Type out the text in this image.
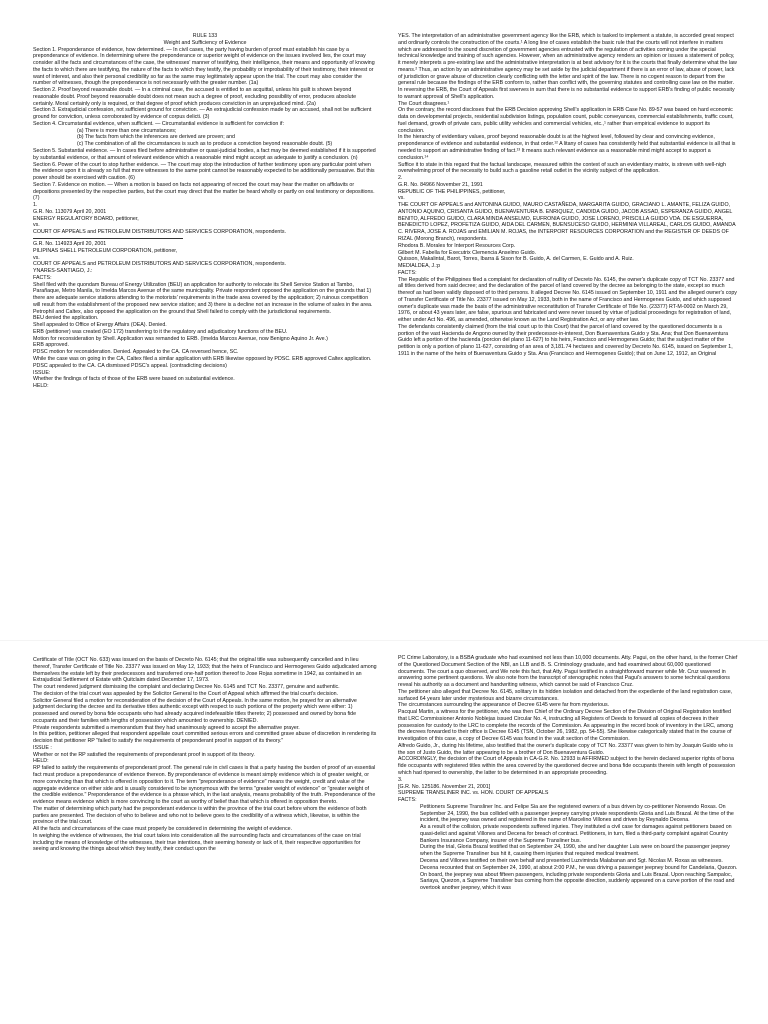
RULE 133

Weight and Sufficiency of Evidence

Section 1. Preponderance of evidence, how determined. — In civil cases, the party having burden of proof must establish his case by a preponderance of evidence. In determining where the preponderance or superior weight of evidence on the issues involved lies, the court may consider all the facts and circumstances of the case, the witnesses' manner of testifying, their intelligence, their means and opportunity of knowing the facts to which there are testifying, the nature of the facts to which they testify, the probability or improbability of their testimony, their interest or want of interest, and also their personal credibility so far as the same may legitimately appear upon the trial. The court may also consider the number of witnesses, though the preponderance is not necessarily with the greater number. (1a)

Section 2. Proof beyond reasonable doubt. — In a criminal case, the accused is entitled to an acquittal, unless his guilt is shown beyond reasonable doubt. Proof beyond reasonable doubt does not mean such a degree of proof, excluding possibility of error, produces absolute certainly. Moral certainly only is required, or that degree of proof which produces conviction in an unprejudiced mind. (2a)

Section 3. Extrajudicial confession, not sufficient ground for conviction. — An extrajudicial confession made by an accused, shall not be sufficient ground for conviction, unless corroborated by evidence of corpus delicti. (3)

Section 4. Circumstantial evidence, when sufficient. — Circumstantial evidence is sufficient for conviction if:

(a) There is more than one circumstances;

(b) The facts from which the inferences are derived are proven; and

(c) The combination of all the circumstances is such as to produce a conviction beyond reasonable doubt. (5)

Section 5. Substantial evidence. — In cases filed before administrative or quasi-judicial bodies, a fact may be deemed established if it is supported by substantial evidence, or that amount of relevant evidence which a reasonable mind might accept as adequate to justify a conclusion. (n)

Section 6. Power of the court to stop further evidence. — The court may stop the introduction of further testimony upon any particular point when the evidence upon it is already so full that more witnesses to the same point cannot be reasonably expected to be additionally persuasive. But this power should be exercised with caution. (6)

Section 7. Evidence on motion. — When a motion is based on facts not appearing of record the court may hear the matter on affidavits or depositions presented by the respective parties, but the court may direct that the matter be heard wholly or partly on oral testimony or depositions. (7)

1.

G.R. No. 113079 April 20, 2001

ENERGY REGULATORY BOARD, petitioner,

vs.

COURT OF APPEALS and PETROLEUM DISTRIBUTORS AND SERVICES CORPORATION, respondents.

G.R. No. 114923 April 20, 2001

PILIPINAS SHELL PETROLEUM CORPORATION, petitioner,

vs.

COURT OF APPEALS and PETROLEUM DISTRIBUTORS AND SERVICES CORPORATION, respondents.

YNARES-SANTIAGO, J.:

FACTS:

Shell filed with the quondam Bureau of Energy Utilization (BEU) an application for authority to relocate its Shell Service Station at Tambo, Parañaque, Metro Manila, to Imelda Marcos Avenue of the same municipality. Private respondent opposed the application on the grounds that 1) there are adequate service stations attending to the motorists' requirements in the trade area covered by the application; 2) ruinous competition will result from the establishment of the proposed new service station; and 3) there is a decline not an increase in the volume of sales in the area. Petrophil and Caltex, also opposed the application on the ground that Shell failed to comply with the jurisdictional requirements.

BEU denied the application.

Shell appealed to Office of Energy Affairs (OEA). Denied.

ERB (petitioner) was created (EO 172) transferring to it the regulatory and adjudicatory functions of the BEU.

Motion for reconsideration by Shell. Application was remanded to ERB. (Imelda Marcos Avenue, now Benigno Aquino Jr. Ave.)

ERB approved.

PDSC motion for reconsideration. Denied. Appealed to the CA. CA reversed hence, SC.

While the case was on going in the CA, Caltex filed a similar application with ERB likewise opposed by PDSC. ERB approved Caltex application. PDSC appealed to the CA. CA dismissed PDSC's appeal. (contradicting decisions)

ISSUE:

Whether the findings of facts of those of the ERB were based on substantial evidence.

HELD:

YES. The interpretation of an administrative government agency like the ERB, which is tasked to implement a statute, is accorded great respect and ordinarily controls the construction of the courts.¹ A long line of cases establish the basic rule that the courts will not interfere in matters which are addressed to the sound discretion of government agencies entrusted with the regulation of activities coming under the special technical knowledge and training of such agencies. However, when an administrative agency renders an opinion or issues a statement of policy, it merely interprets a pre-existing law and the administrative interpretation is at best advisory for it is the courts that finally determine what the law means.² Thus, an action by an administrative agency may be set aside by the judicial department if there is an error of law, abuse of power, lack of jurisdiction or grave abuse of discretion clearly conflicting with the letter and spirit of the law. There is no cogent reason to depart from the general rule because the findings of the ERB conform to, rather than conflict with, the governing statutes and controlling case law on the matter.

In reversing the ERB, the Court of Appeals first swerves in sum that there is no substantial evidence to support ERB's finding of public necessity to warrant approval of Shell's application.

The Court disagrees.¹

On the contrary, the record discloses that the ERB Decision approving Shell's application in ERB Case No. 89-57 was based on hard economic data on developmental projects, residential subdivision listings, population count, public conveyances, commercial establishments, traffic count, fuel demand, growth of private cars, public utility vehicles and commercial vehicles, etc.,¹ rather than empirical evidence to support its conclusion.

In the hierarchy of evidentiary values, proof beyond reasonable doubt is at the highest level, followed by clear and convincing evidence, preponderance of evidence and substantial evidence, in that order.¹² A litany of cases has consistently held that substantial evidence is all that is needed to support an administrative finding of fact.¹³ It means such relevant evidence as a reasonable mind might accept to support a conclusion.¹⁴

Suffice it to state in this regard that the factual landscape, measured within the context of such an evidentiary matrix, is strewn with well-nigh overwhelming proof of the necessity to build such a gasoline retail outlet in the vicinity subject of the application.

2.

G.R. No. 84966 November 21, 1991

REPUBLIC OF THE PHILIPPINES, petitioner,

vs.

THE COURT OF APPEALS and ANTONINA GUIDO, MAURO CASTAÑEDA, MARGARITA GUIDO, GRACIANO L. AMANTE, FELIZA GUIDO, ANTONIO AQUINO, CRISANTA GUIDO, BUENAVENTURA B. ENRIQUEZ, CANDIDA GUIDO, JACOB ASSAD, ESPERANZA GUIDO, ANGEL BENITO, ALFREDO GUIDO, CLARA MINDA ANSELMO, EUFRONIA GUIDO, JOSE LORENO, PRISCILLA GUIDO VDA. DE ESGUERRA, BENEDICTO LOPEZ, PROFETIZA GUIDO, AIDA DEL CARMEN, BUENSUCESO GUIDO, HERMINIA VILLAREAL, CARLOS GUIDO, AMANDA C. RIVERA, JOSE A. ROJAS and EMILIAN M. ROJAS, the INTERPORT RESOURCES CORPORATION and the REGISTER OF DEEDS OF RIZAL (Morong Branch), respondents.

Rhodora B. Morales for Interport Resources Corp.

Gilbert M. Fabella for Executrix Clemencia Anselmo Guido.

Quisson, Makalintal, Barot, Torres, Ibarra & Sison for B. Guido, A. del Carmen, E. Guido and A. Ruiz.

MEDIALDEA, J.:p

FACTS:

The Republic of the Philippines filed a complaint for declaration of nullity of Decreto No. 6145, the owner's duplicate copy of TCT No. 23377 and all titles derived from said decree; and the declaration of the parcel of land covered by the decree as belonging to the state, except so much thereof as had been validly disposed of to third persons. It alleged Decree No. 6145 issued on September 10, 1911 and the alleged owner's copy of Transfer Certificate of Title No. 23377 issued on May 12, 1933, both in the name of Francisco and Hermogenes Guido, and which supposed owner's duplicate was made the basis of the administrative reconstitution of Transfer Certificate of Title No. (23377) RT-M-0002 on March 29, 1976, or about 43 years later, are false, spurious and fabricated and were never issued by virtue of judicial proceedings for registration of land, either under Act No. 496, as amended, otherwise known as the Land Registration Act, or any other law.

The defendants consistently claimed (from the trial court up to this Court) that the parcel of land covered by the questioned documents is a portion of the vast Hacienda de Angono owned by their predecessor-in-interest, Don Buenaventura Guido y Sta. Ana; that Don Buenaventura Guido left a portion of the hacienda (porcion del plano 11-627) to his heirs, Francisco and Hermogenes Guido; that the subject matter of the petition is only a portion of plano 11-627, consisting of an area of 3,181.74 hectares and covered by Decreto No. 6145, issued on September 1, 1911 in the name of the heirs of Buenaventura Guido y Sta. Ana (Francisco and Hermogenes Guido); that on June 12, 1912, an Original

Certificate of Title (OCT No. 633) was issued on the basis of Decreto No. 6145; that the original title was subsequently cancelled and in lieu thereof, Transfer Certificate of Title No. 23377 was issued on May 12, 1933; that the heirs of Francisco and Hermogenes Guido adjudicated among themselves the estate left by their predecessors and transferred one-half portion thereof to Jose Rojas sometime in 1942, as contained in an Extrajudicial Settlement of Estate with Quitclaim dated December 17, 1973.

The court rendered judgment dismissing the complaint and declaring Decree No. 6145 and TCT No. 23377, genuine and authentic.

The decision of the trial court was appealed by the Solicitor General to the Court of Appeal which affirmed the trial court's decision.

Solicitor General filed a motion for reconsideration of the decision of the Court of Appeals. In the same motion, he prayed for an alternative judgment declaring the decree and its derivative titles authentic except with respect to such portions of the property which were either: 1) possessed and owned by bona fide occupants who had already acquired indefeasible titles thereto; 2) possessed and owned by bona fide occupants and their families with lengths of possession which amounted to ownership. DENIED.

Private respondents submitted a memorandum that they had unanimously agreed to accept the alternative prayer.

In this petition, petitioner alleged that respondent appellate court committed serious errors and committed grave abuse of discretion in rendering its decision that petitioner RP "failed to satisfy the requirements of preponderant proof in support of its theory."

ISSUE :

Whether or not the RP satisfied the requirements of preponderant proof in support of its theory.

HELD:

RP failed to satisfy the requirements of preponderant proof. The general rule in civil cases is that a party having the burden of proof of an essential fact must produce a preponderance of evidence thereon. By preponderance of evidence is meant simply evidence which is of greater weight, or more convincing than that which is offered in opposition to it. The term "preponderance of evidence" means the weight, credit and value of the aggregate evidence on either side and is usually considered to be synonymous with the terms "greater weight of evidence" or "greater weight of the credible evidence." Preponderance of the evidence is a phrase which, in the last analysis, means probability of the truth. Preponderance of the evidence means evidence which is more convincing to the court as worthy of belief than that which is offered in opposition thereto.

The matter of determining which party had the preponderant evidence is within the province of the trial court before whom the evidence of both parties are presented. The decision of who to believe and who not to believe goes to the credibility of a witness which, likewise, is within the province of the trial court.

All the facts and circumstances of the case must properly be considered in determining the weight of evidence.

In weighing the evidence of witnesses, the trial court takes into consideration all the surrounding facts and circumstances of the case on trial including the means of knowledge of the witnesses, their true intentions, their seeming honesty or lack of it, their respective opportunities for seeing and knowing the things about which they testify, their conduct upon the

PC Crime Laboratory, is a BSBA graduate who had examined not less than 10,000 documents. Atty. Pagui, on the other hand, is the former Chief of the Questioned Document Section of the NBI, an LLB and B. S. Criminology graduate, and had examined about 60,000 questioned documents. The court a quo observed, and We note this fact, that Atty. Pagui testified in a straightforward manner while Mr. Cruz wavered in answering some pertinent questions. We also note from the transcript of stenographic notes that Pagui's answers to some technical questions reveal his authority as a document and handwriting witness, which cannot be said of Francisco Cruz.

The petitioner also alleged that Decree No. 6145, solitary in its hidden isolation and detached from the expediente of the land registration case, surfaced 64 years later under mysterious and bizarre circumstances.

The circumstances surrounding the appearance of Decree 6145 were far from mysterious.

Pacqual Martin, a witness for the petitioner, who was then Chief of the Ordinary Decree Section of the Division of Original Registration testified that LRC Commissioner Antonio Noblejas issued Circular No. 4, instructing all Registers of Deeds to forward all copies of decrees in their possession for custody to the LRC to complete the records of the Commission. As appearing in the record book of inventory in the LRC, among the decrees forwarded to their office is Decree 6145 (TSN, October 26, 1982, pp. 54-55). She likewise categorically stated that in the course of investigation of this case, a copy of Decree 6145 was found in the vault section of the Commission.

Alfredo Guido, Jr., during his lifetime, also testified that the owner's duplicate copy of TCT No. 23377 was given to him by Joaquin Guido who is the son of Justo Guido, the latter appearing to be a brother of Don Buenaventura Guido.

ACCORDINGLY, the decision of the Court of Appeals in CA-G.R. No. 12933 is AFFIRMED subject to the herein declared superior rights of bona fide occupants with registered titles within the area covered by the questioned decree and bona fide occupants therein with length of possession which had ripened to ownership, the latter to be determined in an appropriate proceeding.

3.

[G.R. No. 125186. November 21, 2001]

SUPREME TRANSLINER INC. vs. HON. COURT OF APPEALS

FACTS:

Petitioners Supreme Transliner Inc. and Felipe Sia are the registered owners of a bus driven by co-petitioner Nonvendo Roxas. On September 24, 1990, the bus collided with a passenger jeepney carrying private respondents Gloria and Luis Brazal. At the time of the incident, the jeepney was owned and registered in the name of Marcelino Villones and driven by Reynaldo Decena.

As a result of the collision, private respondents suffered injuries. They instituted a civil case for damages against petitioners based on quasi-delict and against Villones and Decena for breach of contract. Petitioners, in turn, filed a third-party complaint against Country Bankers Insurance Company, insurer of the Supreme Transliner bus.

During the trial, Gloria Brazal testified that on September 24, 1990, she and her daughter Luis were on board the passenger jeepney when the Supreme Transliner bus hit it, causing them injuries that required medical treatment.

Decena and Villones testified on their own behalf and presented Luzviminda Malabanan and Sgt. Nicolas M. Roxas as witnesses. Decena recounted that on September 24, 1990, at about 2:00 P.M., he was driving a passenger jeepney bound for Candelaria, Quezon. On board, the jeepney was about fifteen passengers, including private respondents Gloria and Luis Brazal. Upon reaching Sampaloc, Sariaya, Quezon, a Supreme Transliner bus coming from the opposite direction, suddenly appeared on a curve portion of the road and overtook another jeepney, which it was
